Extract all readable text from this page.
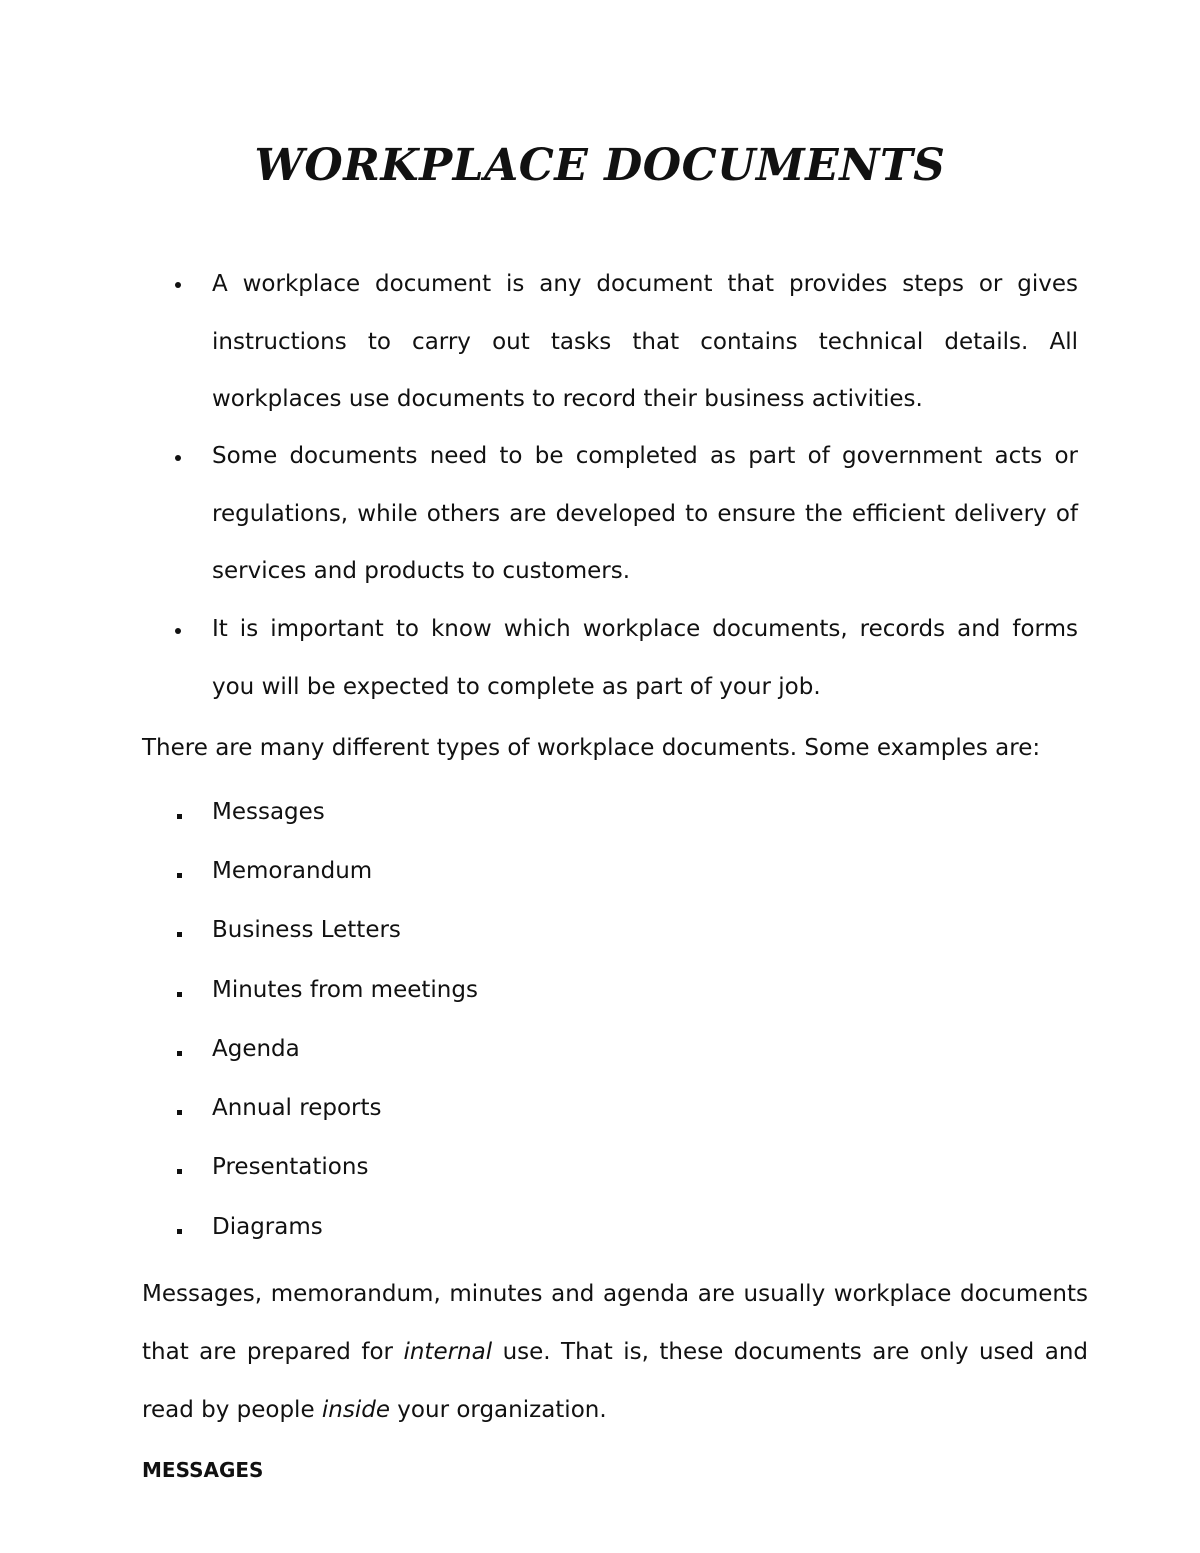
WORKPLACE DOCUMENTS

A workplace document is any document that provides steps or gives instructions to carry out tasks that contains technical details. All workplaces use documents to record their business activities.

Some documents need to be completed as part of government acts or regulations, while others are developed to ensure the efficient delivery of services and products to customers.

It is important to know which workplace documents, records and forms you will be expected to complete as part of your job.

There are many different types of workplace documents. Some examples are:

Messages

Memorandum

Business Letters

Minutes from meetings

Agenda

Annual reports

Presentations

Diagrams

Messages, memorandum, minutes and agenda are usually workplace documents that are prepared for internal use. That is, these documents are only used and read by people inside your organization.

MESSAGES
